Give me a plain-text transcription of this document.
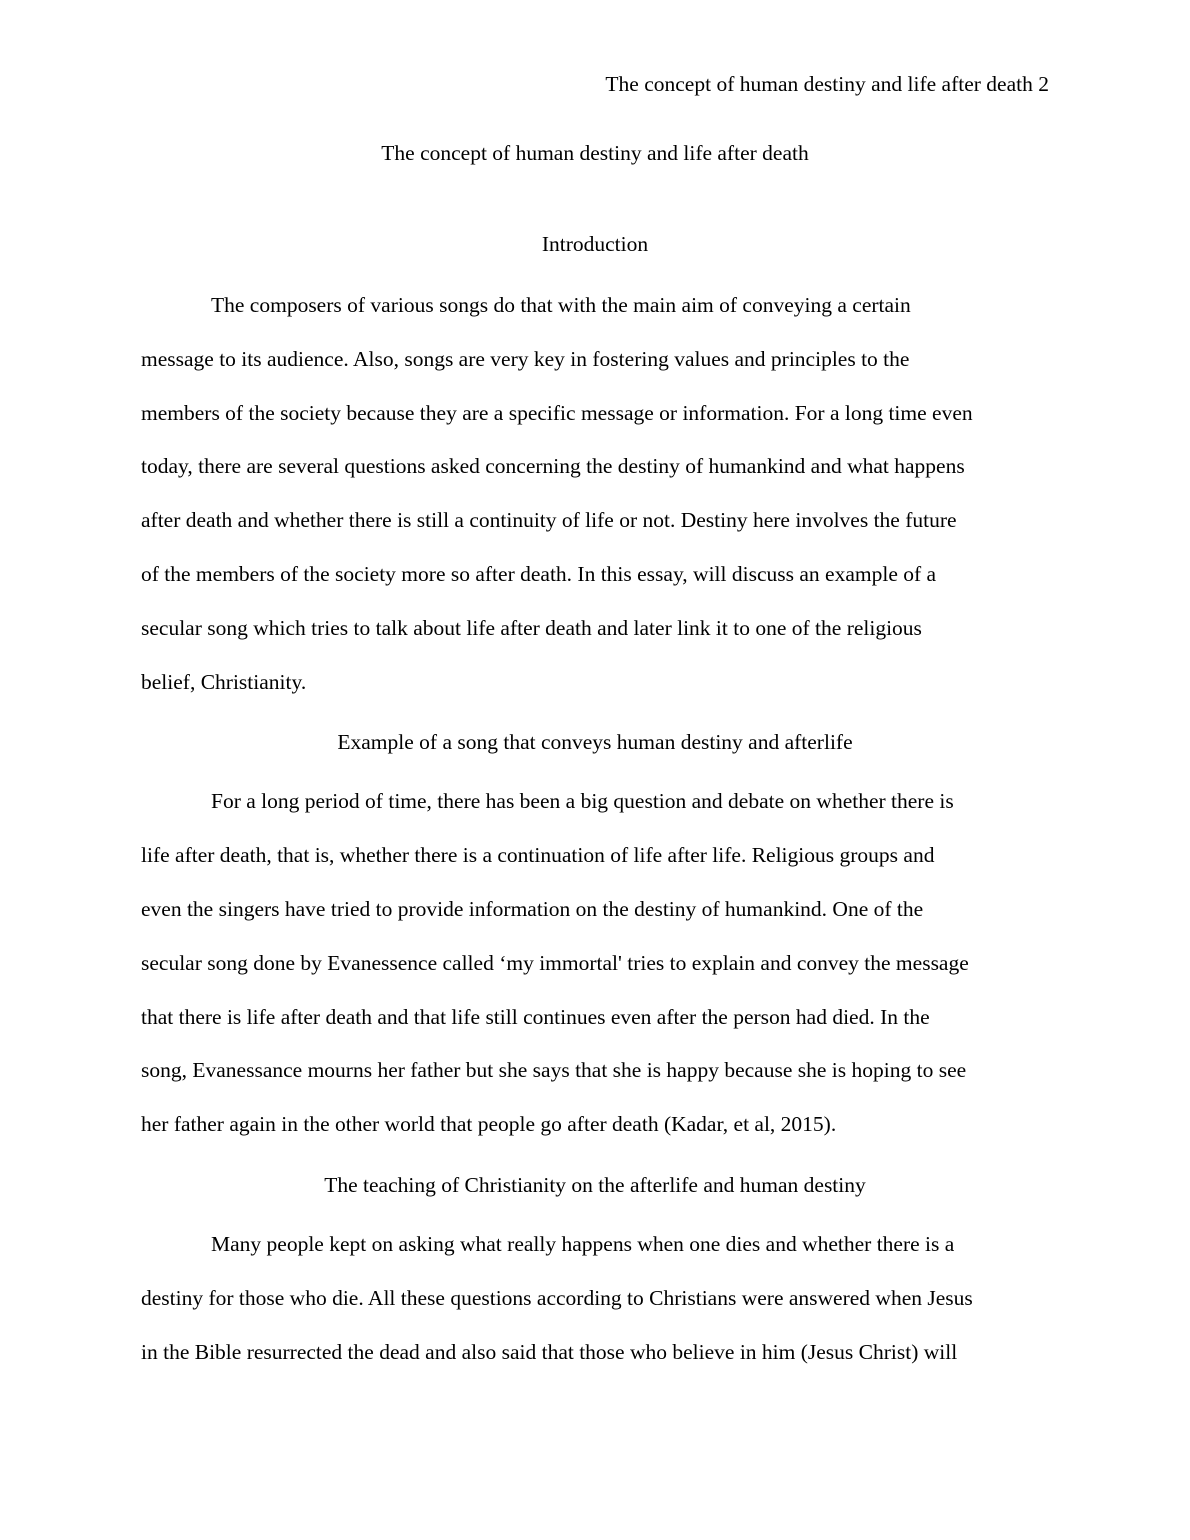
The concept of human destiny and life after death 2
The concept of human destiny and life after death
Introduction
The composers of various songs do that with the main aim of conveying a certain
message to its audience. Also, songs are very key in fostering values and principles to the
members of the society because they are a specific message or information. For a long time even
today, there are several questions asked concerning the destiny of humankind and what happens
after death and whether there is still a continuity of life or not. Destiny here involves the future
of the members of the society more so after death. In this essay, will discuss an example of a
secular song which tries to talk about life after death and later link it to one of the religious
belief, Christianity.
Example of a song that conveys human destiny and afterlife
For a long period of time, there has been a big question and debate on whether there is
life after death, that is, whether there is a continuation of life after life. Religious groups and
even the singers have tried to provide information on the destiny of humankind. One of the
secular song done by Evanessence called ‘my immortal' tries to explain and convey the message
that there is life after death and that life still continues even after the person had died. In the
song, Evanessance mourns her father but she says that she is happy because she is hoping to see
her father again in the other world that people go after death (Kadar, et al, 2015).
The teaching of Christianity on the afterlife and human destiny
Many people kept on asking what really happens when one dies and whether there is a
destiny for those who die. All these questions according to Christians were answered when Jesus
in the Bible resurrected the dead and also said that those who believe in him (Jesus Christ) will
